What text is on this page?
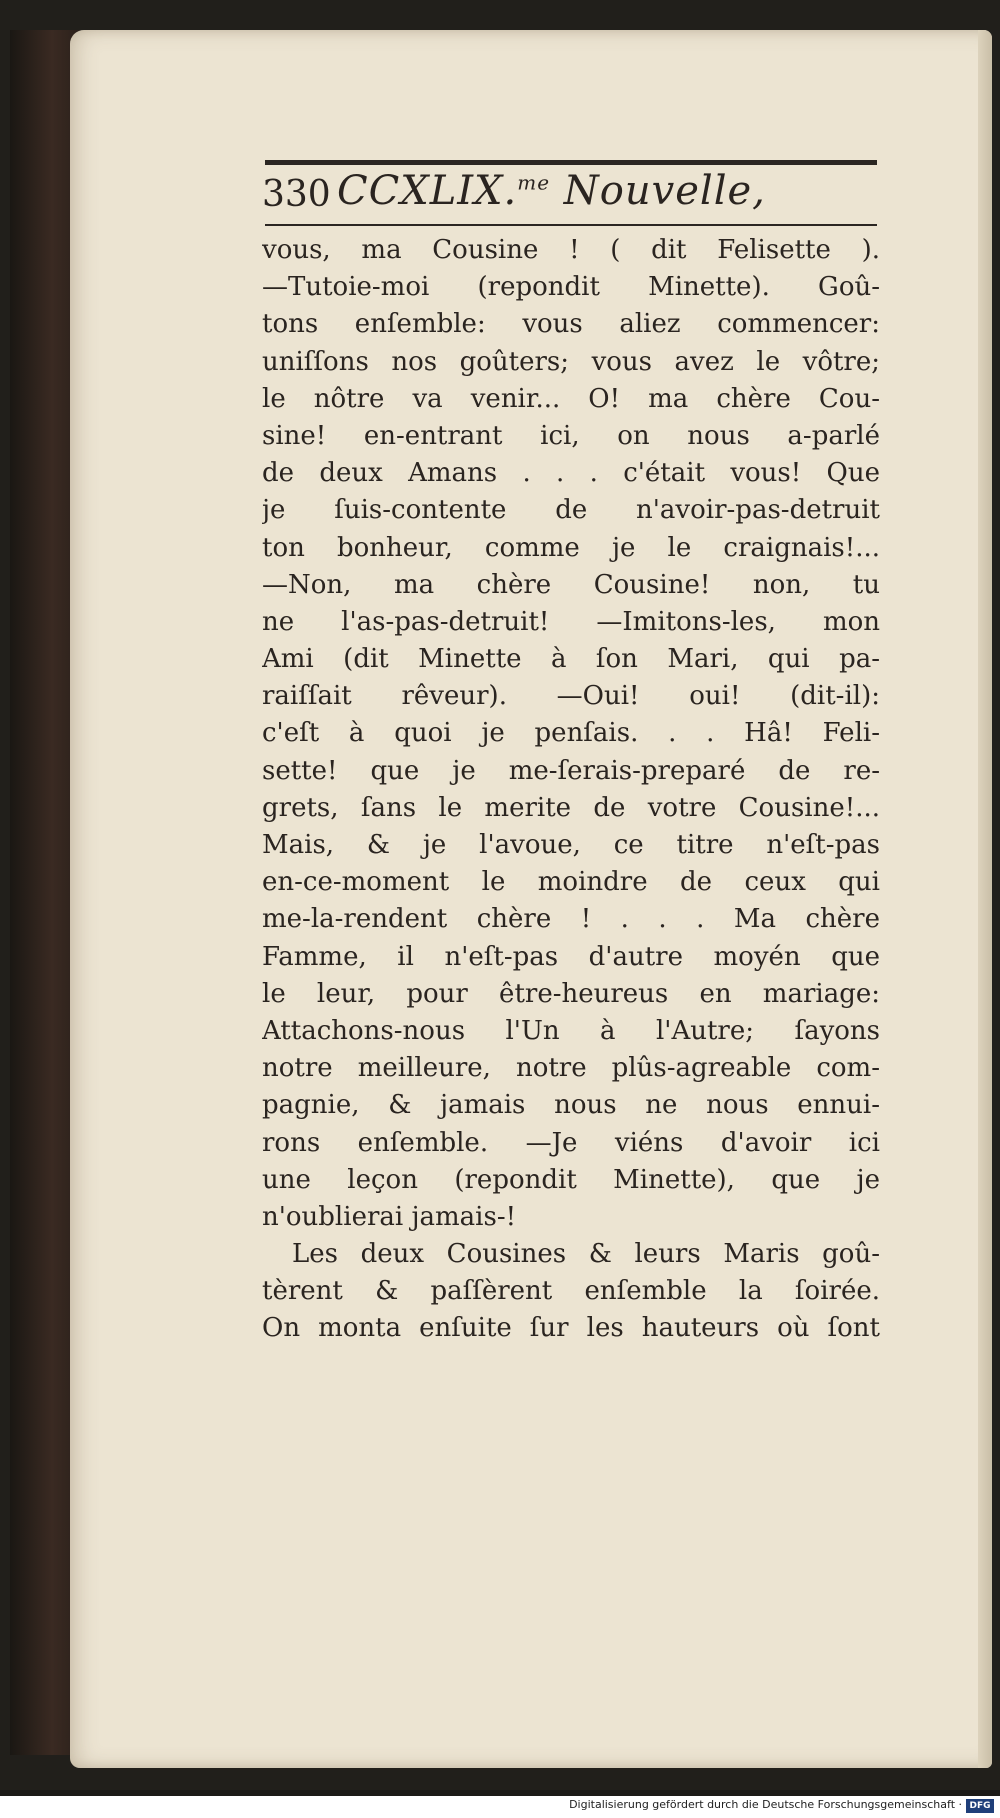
330 CCXLIX.$^{me}$ Nouvelle,
vous, ma Cousine ! ( dit Felisette ).
—Tutoie-moi (repondit Minette). Goû-
tons enſemble: vous aliez commencer:
uniſſons nos goûters; vous avez le vôtre;
le nôtre va venir... O! ma chère Cou-
sine! en-entrant ici, on nous a-parlé
de deux Amans . . . c'était vous! Que
je ſuis-contente de n'avoir-pas-detruit
ton bonheur, comme je le craignais!...
—Non, ma chère Cousine! non, tu
ne l'as-pas-detruit! —Imitons-les, mon
Ami (dit Minette à ſon Mari, qui pa-
raiſſait rêveur). —Oui! oui! (dit-il):
c'eſt à quoi je penſais. . . Hâ! Feli-
sette! que je me-ſerais-preparé de re-
grets, ſans le merite de votre Cousine!...
Mais, & je l'avoue, ce titre n'eſt-pas
en-ce-moment le moindre de ceux qui
me-la-rendent chère ! . . . Ma chère
Famme, il n'eſt-pas d'autre moyén que
le leur, pour être-heureus en mariage:
Attachons-nous l'Un à l'Autre; ſayons
notre meilleure, notre plûs-agreable com-
pagnie, & jamais nous ne nous ennui-
rons enſemble. —Je viéns d'avoir ici
une leçon (repondit Minette), que je
n'oublierai jamais-!
Les deux Cousines & leurs Maris goû-
tèrent & paſſèrent enſemble la ſoirée.
On monta enſuite ſur les hauteurs où ſont
Digitalisierung gefördert durch die Deutsche Forschungsgemeinschaft · DFG
